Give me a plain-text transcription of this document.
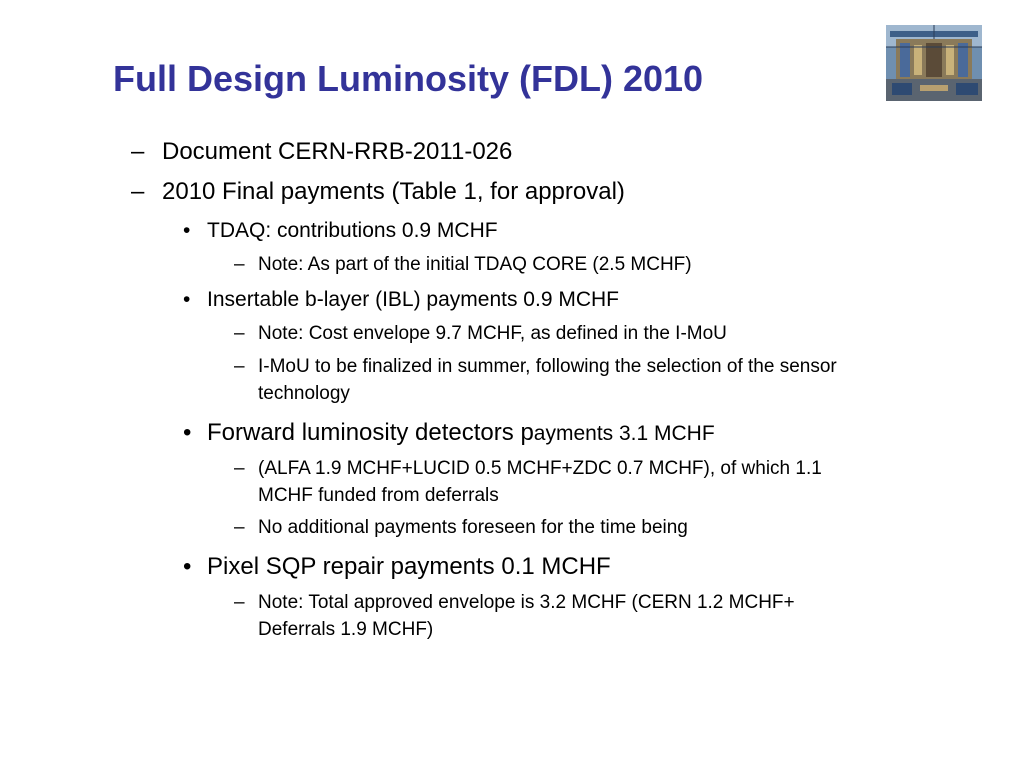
Full Design Luminosity (FDL) 2010
– Document CERN-RRB-2011-026
– 2010 Final payments (Table 1, for approval)
• TDAQ: contributions 0.9 MCHF
– Note: As part of the initial TDAQ CORE (2.5 MCHF)
• Insertable b-layer (IBL) payments 0.9 MCHF
– Note: Cost envelope 9.7 MCHF, as defined in the I-MoU
– I-MoU to be finalized in summer, following the selection of the sensor
technology
• Forward luminosity detectors payments 3.1 MCHF
– (ALFA 1.9 MCHF+LUCID 0.5 MCHF+ZDC 0.7 MCHF), of which 1.1
MCHF funded from deferrals
– No additional payments foreseen for the time being
• Pixel SQP repair payments 0.1 MCHF
– Note: Total approved envelope is 3.2 MCHF (CERN 1.2 MCHF+
Deferrals 1.9 MCHF)
